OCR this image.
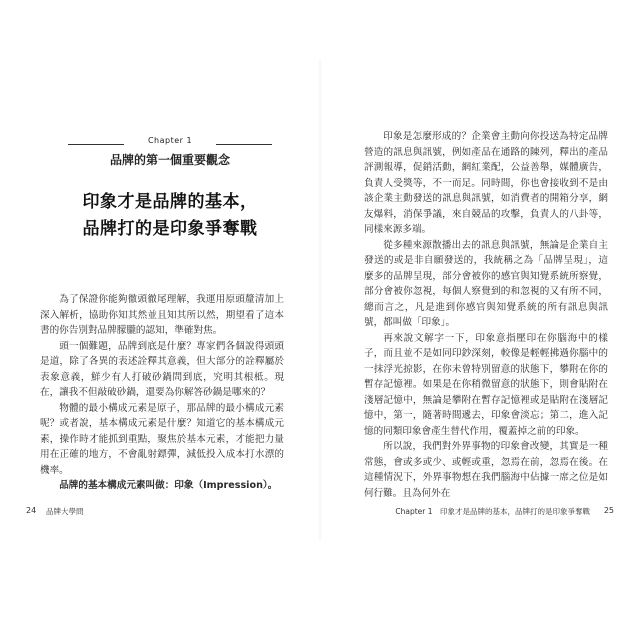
Chapter 1
品牌的第一個重要觀念
印象才是品牌的基本，
品牌打的是印象爭奪戰

為了保證你能夠徹頭徹尾理解，我運用原頭釐清加上深入解析，協助你知其然並且知其所以然，期望看了這本書的你告別對品牌朦朧的認知，準確對焦。

頭一個難題，品牌到底是什麼？專家們各個說得頭頭是道，除了各異的表述詮釋其意義，但大部分的詮釋屬於表象意義，鮮少有人打破砂鍋問到底，究明其根柢。現在，讓我不但敲破砂鍋，還要為你解答砂鍋是哪來的？

物體的最小構成元素是原子，那品牌的最小構成元素呢？或者說，基本構成元素是什麼？知道它的基本構成元素，操作時才能抓到重點，聚焦於基本元素，才能把力量用在正確的地方，不會亂射鏢彈，減低投入成本打水漂的機率。

品牌的基本構成元素叫做：印象（Impression）。

24 品牌大學問

印象是怎麼形成的？企業會主動向你投送為特定品牌營造的訊息與訊號，例如產品在通路的陳列，釋出的產品評測報導，促銷活動，網紅業配，公益善舉，媒體廣告，負責人受獎等，不一而足。同時間，你也會接收到不是由該企業主動發送的訊息與訊號，如消費者的開箱分享，網友爆料，消保爭議，來自競品的攻擊，負責人的八卦等，同樣來源多端。

從多種來源散播出去的訊息與訊號，無論是企業自主發送的或是非自願發送的，我統稱之為「品牌呈現」，這麼多的品牌呈現，部分會被你的感官與知覺系統所察覺，部分會被你忽視，每個人察覺到的和忽視的又有所不同，總而言之，凡是進到你感官與知覺系統的所有訊息與訊號，都叫做「印象」。

再來說文解字一下，印象意指壓印在你腦海中的樣子，而且並不是如同印鈔深刻，較像是輕輕拂過你腦中的一抹浮光掠影，在你未曾特別留意的狀態下，攀附在你的暫存記憶裡。如果是在你稍微留意的狀態下，則會貼附在淺層記憶中，無論是攀附在暫存記憶裡或是貼附在淺層記憶中，第一，隨著時間遞去，印象會淡忘；第二，進入記憶的同類印象會產生替代作用，覆蓋掉之前的印象。

所以說，我們對外界事物的印象會改變，其實是一種常態，會或多或少、或輕或重，忽焉在前，忽焉在後。在這種情況下，外界事物想在我們腦海中佔據一席之位是如何行難。且為何外在

Chapter 1　印象才是品牌的基本，品牌打的是印象爭奪戰 25
